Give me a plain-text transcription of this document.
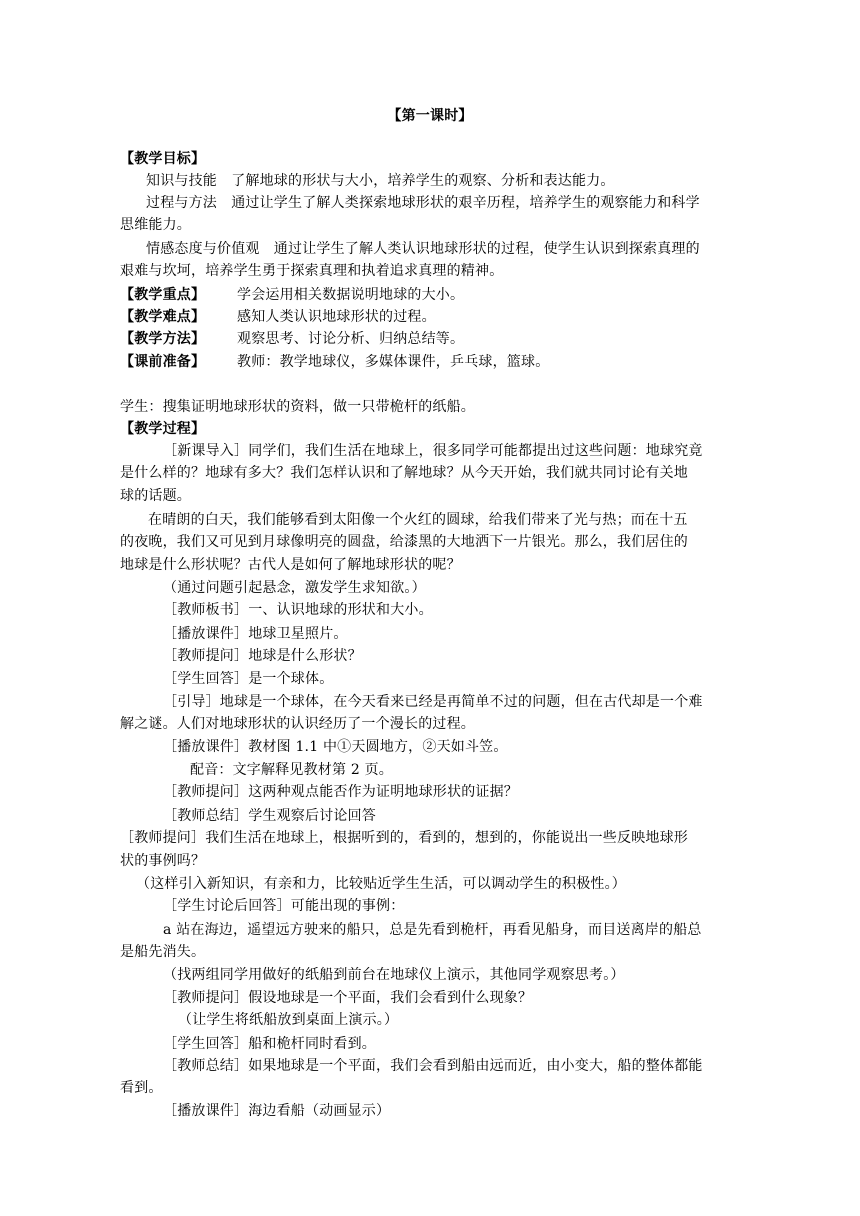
【第一课时】
【教学目标】
知识与技能　了解地球的形状与大小，培养学生的观察、分析和表达能力。
过程与方法　通过让学生了解人类探索地球形状的艰辛历程，培养学生的观察能力和科学
思维能力。
情感态度与价值观　通过让学生了解人类认识地球形状的过程，使学生认识到探索真理的
艰难与坎坷，培养学生勇于探索真理和执着追求真理的精神。
【教学重点】 学会运用相关数据说明地球的大小。
【教学难点】 感知人类认识地球形状的过程。
【教学方法】 观察思考、讨论分析、归纳总结等。
【课前准备】 教师：教学地球仪，多媒体课件，乒乓球，篮球。
学生：搜集证明地球形状的资料，做一只带桅杆的纸船。
【教学过程】
［新课导入］同学们，我们生活在地球上，很多同学可能都提出过这些问题：地球究竟
是什么样的？地球有多大？我们怎样认识和了解地球？从今天开始，我们就共同讨论有关地
球的话题。
在晴朗的白天，我们能够看到太阳像一个火红的圆球，给我们带来了光与热；而在十五
的夜晚，我们又可见到月球像明亮的圆盘，给漆黑的大地洒下一片银光。那么，我们居住的
地球是什么形状呢？古代人是如何了解地球形状的呢？
（通过问题引起悬念，激发学生求知欲。）
［教师板书］一、认识地球的形状和大小。
［播放课件］地球卫星照片。
［教师提问］地球是什么形状？
［学生回答］是一个球体。
［引导］地球是一个球体，在今天看来已经是再简单不过的问题，但在古代却是一个难
解之谜。人们对地球形状的认识经历了一个漫长的过程。
［播放课件］教材图 1.1 中①天圆地方，②天如斗笠。
配音：文字解释见教材第 2 页。
［教师提问］这两种观点能否作为证明地球形状的证据？
［教师总结］学生观察后讨论回答
［教师提问］我们生活在地球上，根据听到的，看到的，想到的，你能说出一些反映地球形
状的事例吗？
（这样引入新知识，有亲和力，比较贴近学生生活，可以调动学生的积极性。）
［学生讨论后回答］可能出现的事例：
a 站在海边，遥望远方驶来的船只，总是先看到桅杆，再看见船身，而目送离岸的船总
是船先消失。
（找两组同学用做好的纸船到前台在地球仪上演示，其他同学观察思考。）
［教师提问］假设地球是一个平面，我们会看到什么现象？
（让学生将纸船放到桌面上演示。）
［学生回答］船和桅杆同时看到。
［教师总结］如果地球是一个平面，我们会看到船由远而近，由小变大，船的整体都能
看到。
［播放课件］海边看船（动画显示）
